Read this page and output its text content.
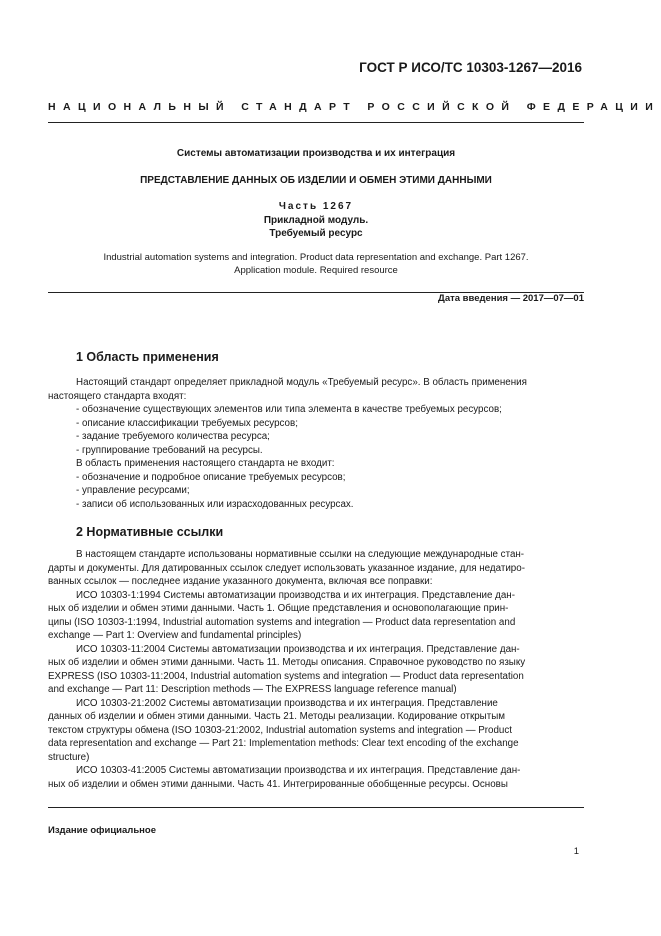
ГОСТ Р ИСО/ТС 10303-1267—2016
НАЦИОНАЛЬНЫЙ СТАНДАРТ РОССИЙСКОЙ ФЕДЕРАЦИИ
Системы автоматизации производства и их интеграция
ПРЕДСТАВЛЕНИЕ ДАННЫХ ОБ ИЗДЕЛИИ И ОБМЕН ЭТИМИ ДАННЫМИ
Часть 1267
Прикладной модуль.
Требуемый ресурс
Industrial automation systems and integration. Product data representation and exchange. Part 1267.
Application module. Required resource
Дата введения — 2017—07—01
1 Область применения

Настоящий стандарт определяет прикладной модуль «Требуемый ресурс». В область применения

настоящего стандарта входят:

- обозначение существующих элементов или типа элемента в качестве требуемых ресурсов;

- описание классификации требуемых ресурсов;

- задание требуемого количества ресурса;

- группирование требований на ресурсы.

В область применения настоящего стандарта не входит:

- обозначение и подробное описание требуемых ресурсов;

- управление ресурсами;

- записи об использованных или израсходованных ресурсах.

2 Нормативные ссылки

В настоящем стандарте использованы нормативные ссылки на следующие международные стан-

дарты и документы. Для датированных ссылок следует использовать указанное издание, для недатиро-

ванных ссылок — последнее издание указанного документа, включая все поправки:

ИСО 10303-1:1994 Системы автоматизации производства и их интеграция. Представление дан-

ных об изделии и обмен этими данными. Часть 1. Общие представления и основополагающие прин-

ципы (ISO 10303-1:1994, Industrial automation systems and integration — Product data representation and

exchange — Part 1: Overview and fundamental principles)

ИСО 10303-11:2004 Системы автоматизации производства и их интеграция. Представление дан-

ных об изделии и обмен этими данными. Часть 11. Методы описания. Справочное руководство по языку

EXPRESS (ISO 10303-11:2004, Industrial automation systems and integration — Product data representation

and exchange — Part 11: Description methods — The EXPRESS language reference manual)

ИСО 10303-21:2002 Системы автоматизации производства и их интеграция. Представление

данных об изделии и обмен этими данными. Часть 21. Методы реализации. Кодирование открытым

текстом структуры обмена (ISO 10303-21:2002, Industrial automation systems and integration — Product

data representation and exchange — Part 21: Implementation methods: Clear text encoding of the exchange

structure)

ИСО 10303-41:2005 Системы автоматизации производства и их интеграция. Представление дан-

ных об изделии и обмен этими данными. Часть 41. Интегрированные обобщенные ресурсы. Основы

Издание официальное
1
